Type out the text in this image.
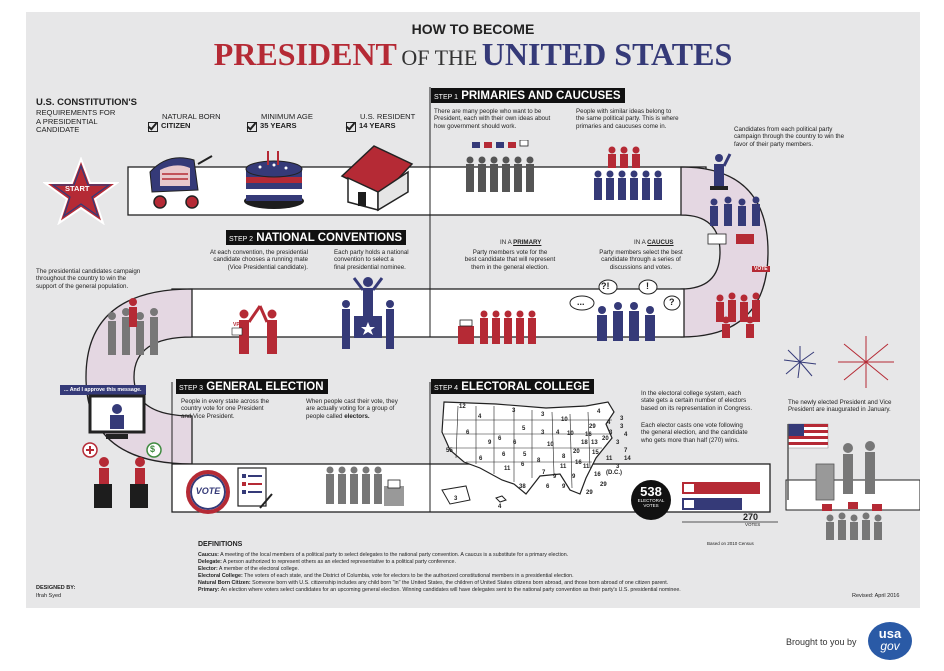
HOW TO BECOME
PRESIDENT OF THE UNITED STATES
U.S. CONSTITUTION'S
REQUIREMENTS FOR
A PRESIDENTIAL
CANDIDATE
NATURAL BORN
CITIZEN
MINIMUM AGE
35 YEARS
U.S. RESIDENT
14 YEARS
START
STEP 1 PRIMARIES AND CAUCUSES
There are many people who want to be
President, each with their own ideas about
how government should work.
People with similar ideas belong to
the same political party. This is where
primaries and caucuses come in.	Candidates from each political party
campaign through the country to win the
favor of their party members.
VOTE
IN A PRIMARY
Party members vote for the
best candidate that will represent
them in the general election.
IN A CAUCUS
Party members select the best
candidate through a series of
discussions and votes.
...
?!	!
?
STEP 2 NATIONAL CONVENTIONS
At each convention, the presidential
candidate chooses a running mate
(Vice Presidential candidate).
Each party holds a national
convention to select a
final presidential nominee.
The presidential candidates campaign
throughout the country to win the
support of the general population.
VP
STEP 3 GENERAL ELECTION
People in every state across the
country vote for one President
and Vice President.
When people cast their vote, they
are actually voting for a group of
people called electors.
... And I approve this message.
$
VOTE
STEP 4 ELECTORAL COLLEGE
In the electoral college system, each
state gets a certain number of electors
based on its representation in Congress.
Each elector casts one vote following
the general election, and the candidate
who gets more than half (270) wins.
12
4
3
3
10
4
6
9
5
3	10 16
4
3
6
6
55
6
5
10
8
11
20
18 13
6
4
3
20
15
29
16
11
9
11
9
7
6
8
38	6 9
16
29
3
4
3
3
4
7
14
3
29
11
(D.C.)
538
ELECTORAL
VOTES
270
VOTES
Based on 2010 Census
The newly elected President and Vice
President are inaugurated in January.
DEFINITIONS
Caucus: A meeting of the local members of a political party to select delegates to the national party convention. A caucus is a substitute for a primary election.
Delegate: A person authorized to represent others as an elected representative to a political party conference.
Elector: A member of the electoral college.
Electoral College: The voters of each state, and the District of Columbia, vote for electors to be the authorized constitutional members in a presidential election.
Natural Born Citizen: Someone born with U.S. citizenship includes any child born "in" the United States, the children of United States citizens born abroad, and those born abroad of one citizen parent.
Primary: An election where voters select candidates for an upcoming general election. Winning candidates will have delegates sent to the national party convention as their party's U.S. presidential nominee.
DESIGNED BY:
Ifrah Syed	Revised: April 2016
Brought to you by
usa
gov
